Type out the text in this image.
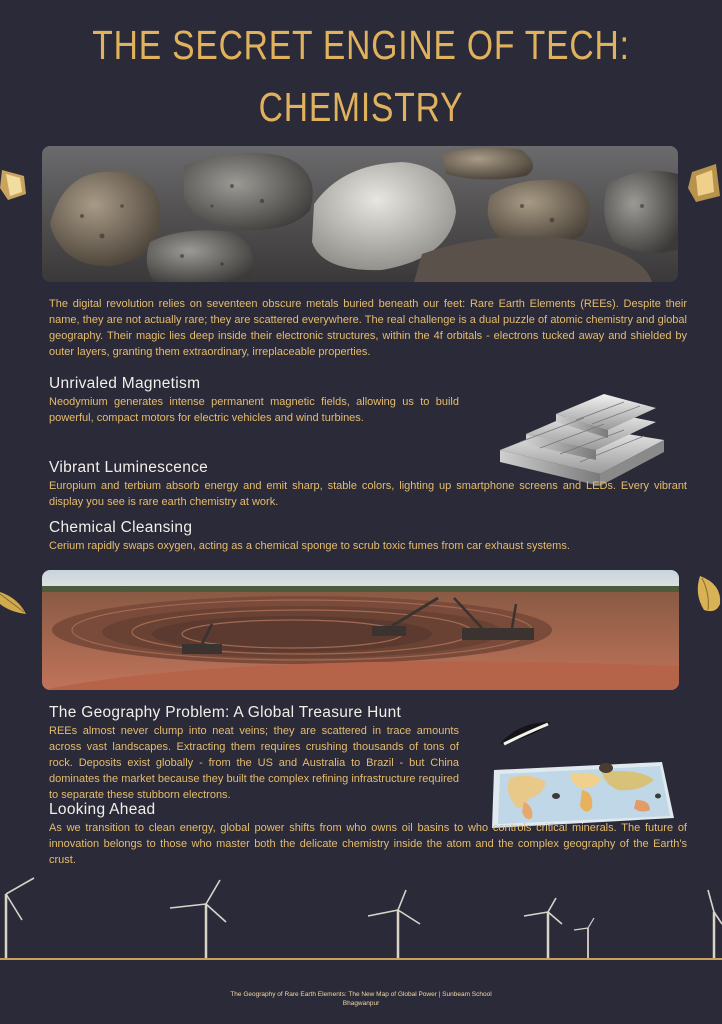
THE SECRET ENGINE OF TECH: CHEMISTRY

The digital revolution relies on seventeen obscure metals buried beneath our feet: Rare Earth Elements (REEs). Despite their name, they are not actually rare; they are scattered everywhere. The real challenge is a dual puzzle of atomic chemistry and global geography. Their magic lies deep inside their electronic structures, within the 4f orbitals - electrons tucked away and shielded by outer layers, granting them extraordinary, irreplaceable properties.

Unrivaled Magnetism

Neodymium generates intense permanent magnetic fields, allowing us to build powerful, compact motors for electric vehicles and wind turbines.

Vibrant Luminescence

Europium and terbium absorb energy and emit sharp, stable colors, lighting up smartphone screens and LEDs. Every vibrant display you see is rare earth chemistry at work.

Chemical Cleansing

Cerium rapidly swaps oxygen, acting as a chemical sponge to scrub toxic fumes from car exhaust systems.

The Geography Problem: A Global Treasure Hunt

REEs almost never clump into neat veins; they are scattered in trace amounts across vast landscapes. Extracting them requires crushing thousands of tons of rock. Deposits exist globally - from the US and Australia to Brazil - but China dominates the market because they built the complex refining infrastructure required to separate these stubborn electrons.

Looking Ahead

As we transition to clean energy, global power shifts from who owns oil basins to who controls critical minerals. The future of innovation belongs to those who master both the delicate chemistry inside the atom and the complex geography of the Earth's crust.

The Geography of Rare Earth Elements: The New Map of Global Power | Sunbeam School
Bhagwanpur
